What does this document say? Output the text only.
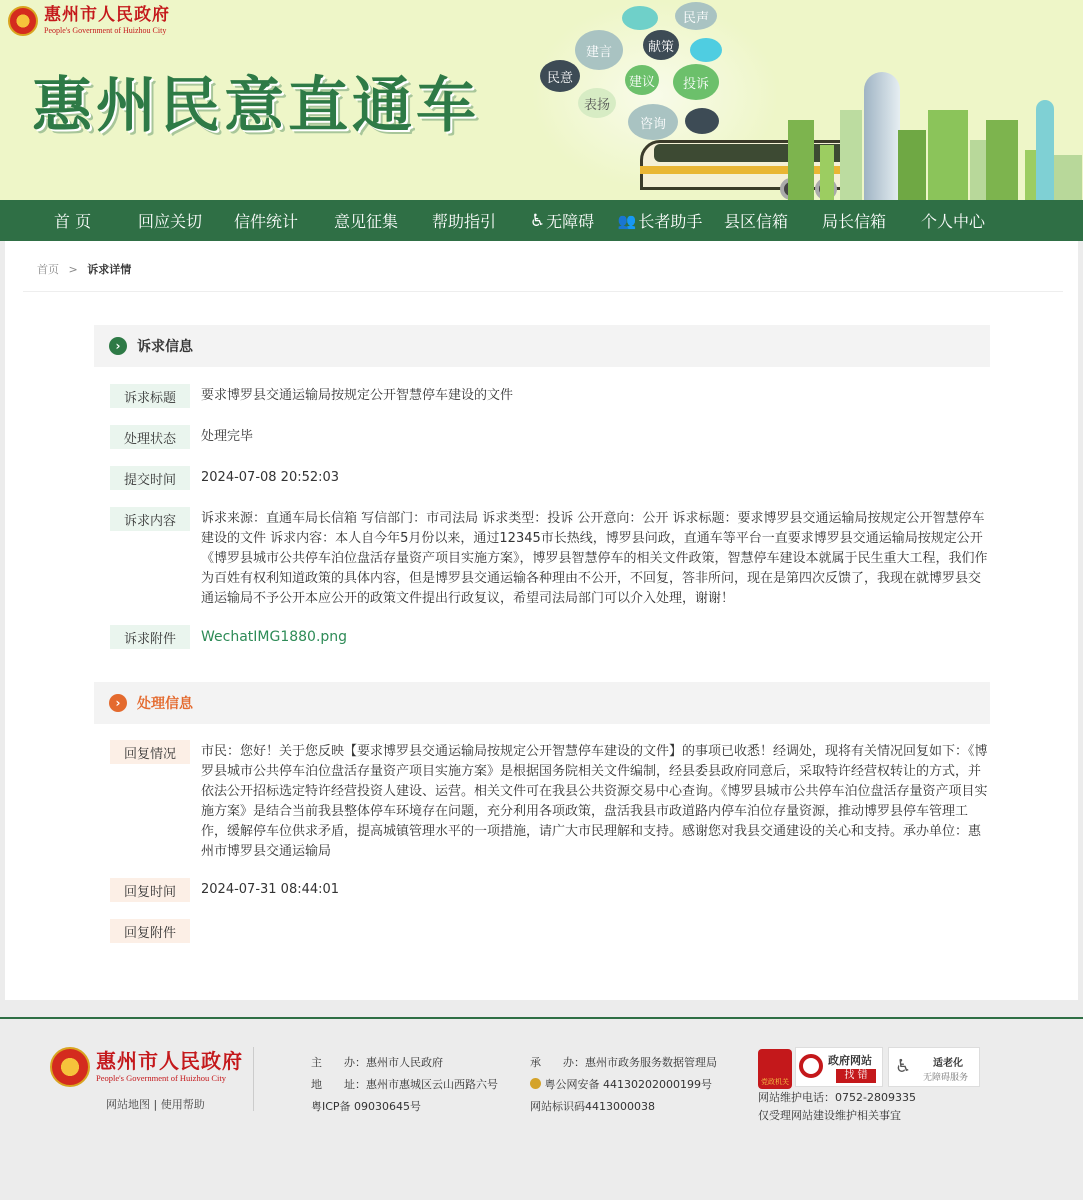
惠州市人民政府
People's Government of Huizhou City
惠州民意直通车
民声
建言	献策
民意	建议	投诉
表扬
咨询
首 页	回应关切	信件统计	意见征集	帮助指引	♿ 无障碍 👥 长者助手	县区信箱	局长信箱	个人中心
首页 > 诉求详情
›	诉求信息
诉求标题	要求博罗县交通运输局按规定公开智慧停车建设的文件
处理状态	处理完毕
提交时间	2024-07-08 20:52:03
诉求内容	诉求来源：直通车局长信箱 写信部门：市司法局 诉求类型：投诉 公开意向：公开 诉求标题：要求博罗县交通运输局按规定公开智慧停车建设的文件 诉求内容：本人自今年5月份以来，通过12345市长热线，博罗县问政，直通车等平台一直要求博罗县交通运输局按规定公开《博罗县城市公共停车泊位盘活存量资产项目实施方案》，博罗县智慧停车的相关文件政策，智慧停车建设本就属于民生重大工程，我们作为百姓有权利知道政策的具体内容，但是博罗县交通运输各种理由不公开，不回复，答非所问，现在是第四次反馈了，我现在就博罗县交通运输局不予公开本应公开的政策文件提出行政复议，希望司法局部门可以介入处理，谢谢！
诉求附件	WechatIMG1880.png
›	处理信息
回复情况	市民：您好！关于您反映【要求博罗县交通运输局按规定公开智慧停车建设的文件】的事项已收悉！经调处，现将有关情况回复如下：《博罗县城市公共停车泊位盘活存量资产项目实施方案》是根据国务院相关文件编制，经县委县政府同意后，采取特许经营权转让的方式，并依法公开招标选定特许经营投资人建设、运营。相关文件可在我县公共资源交易中心查询。《博罗县城市公共停车泊位盘活存量资产项目实施方案》是结合当前我县整体停车环境存在问题，充分利用各项政策，盘活我县市政道路内停车泊位存量资源，推动博罗县停车管理工作，缓解停车位供求矛盾，提高城镇管理水平的一项措施，请广大市民理解和支持。感谢您对我县交通建设的关心和支持。承办单位：惠州市博罗县交通运输局
回复时间	2024-07-31 08:44:01
回复附件
惠州市人民政府
People's Government of Huizhou City
网站地图 | 使用帮助
主　　办：惠州市人民政府
地　　址：惠州市惠城区云山西路六号
粤ICP备 09030645号
承　　办：惠州市政务服务数据管理局
粤公网安备 44130202000199号
网站标识码4413000038
党政机关
政府网站
找 错	♿ 适老化
无障碍服务
网站维护电话：0752-2809335
仅受理网站建设维护相关事宜
